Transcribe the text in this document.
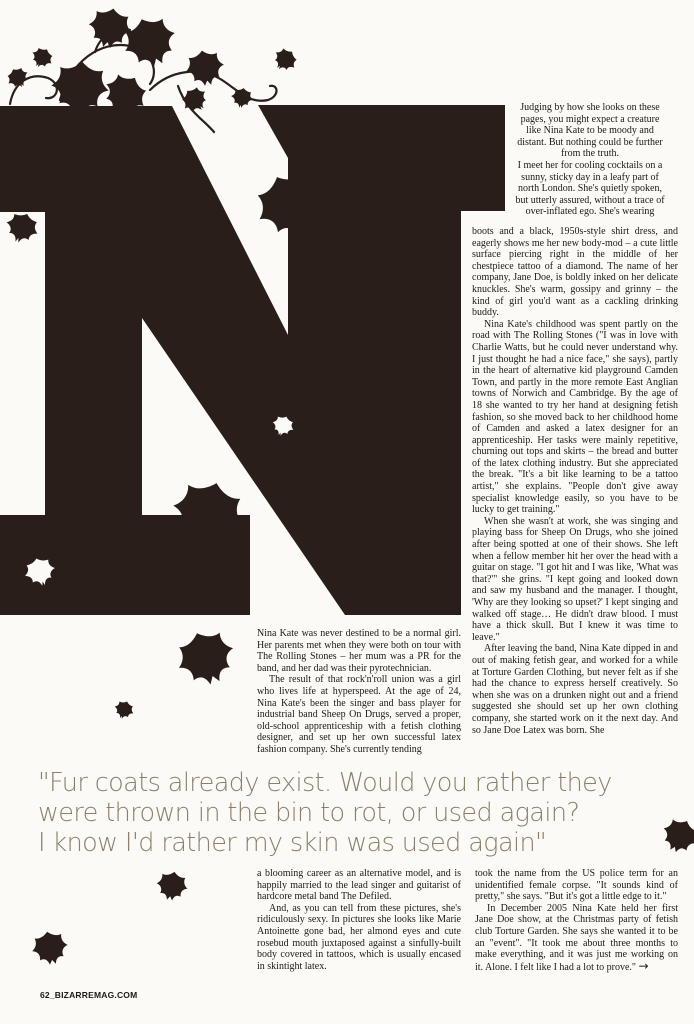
Judging by how she looks on these pages, you might expect a creature like Nina Kate to be moody and distant. But nothing could be further from the truth.

I meet her for cooling cocktails on a sunny, sticky day in a leafy part of north London. She's quietly spoken, but utterly assured, without a trace of over-inflated ego. She's wearing

boots and a black, 1950s-style shirt dress, and eagerly shows me her new body-mod – a cute little surface piercing right in the middle of her chestpiece tattoo of a diamond. The name of her company, Jane Doe, is boldly inked on her delicate knuckles. She's warm, gossipy and grinny – the kind of girl you'd want as a cackling drinking buddy.

Nina Kate's childhood was spent partly on the road with The Rolling Stones ("I was in love with Charlie Watts, but he could never understand why. I just thought he had a nice face," she says), partly in the heart of alternative kid playground Camden Town, and partly in the more remote East Anglian towns of Norwich and Cambridge. By the age of 18 she wanted to try her hand at designing fetish fashion, so she moved back to her childhood home of Camden and asked a latex designer for an apprenticeship. Her tasks were mainly repetitive, churning out tops and skirts – the bread and butter of the latex clothing industry. But she appreciated the break. "It's a bit like learning to be a tattoo artist," she explains. "People don't give away specialist knowledge easily, so you have to be lucky to get training."

When she wasn't at work, she was singing and playing bass for Sheep On Drugs, who she joined after being spotted at one of their shows. She left when a fellow member hit her over the head with a guitar on stage. "I got hit and I was like, 'What was that?'" she grins. "I kept going and looked down and saw my husband and the manager. I thought, 'Why are they looking so upset?' I kept singing and walked off stage… He didn't draw blood. I must have a thick skull. But I knew it was time to leave."

After leaving the band, Nina Kate dipped in and out of making fetish gear, and worked for a while at Torture Garden Clothing, but never felt as if she had the chance to express herself creatively. So when she was on a drunken night out and a friend suggested she should set up her own clothing company, she started work on it the next day. And so Jane Doe Latex was born. She

Nina Kate was never destined to be a normal girl. Her parents met when they were both on tour with The Rolling Stones – her mum was a PR for the band, and her dad was their pyrotechnician.

The result of that rock'n'roll union was a girl who lives life at hyperspeed. At the age of 24, Nina Kate's been the singer and bass player for industrial band Sheep On Drugs, served a proper, old-school apprenticeship with a fetish clothing designer, and set up her own successful latex fashion company. She's currently tending

"Fur coats already exist. Would you rather they
were thrown in the bin to rot, or used again?
I know I'd rather my skin was used again"

a blooming career as an alternative model, and is happily married to the lead singer and guitarist of hardcore metal band The Defiled.

And, as you can tell from these pictures, she's ridiculously sexy. In pictures she looks like Marie Antoinette gone bad, her almond eyes and cute rosebud mouth juxtaposed against a sinfully-built body covered in tattoos, which is usually encased in skintight latex.

took the name from the US police term for an unidentified female corpse. "It sounds kind of pretty," she says. "But it's got a little edge to it."

In December 2005 Nina Kate held her first Jane Doe show, at the Christmas party of fetish club Torture Garden. She says she wanted it to be an "event". "It took me about three months to make everything, and it was just me working on it. Alone. I felt like I had a lot to prove." →

62_BIZARREMAG.COM
